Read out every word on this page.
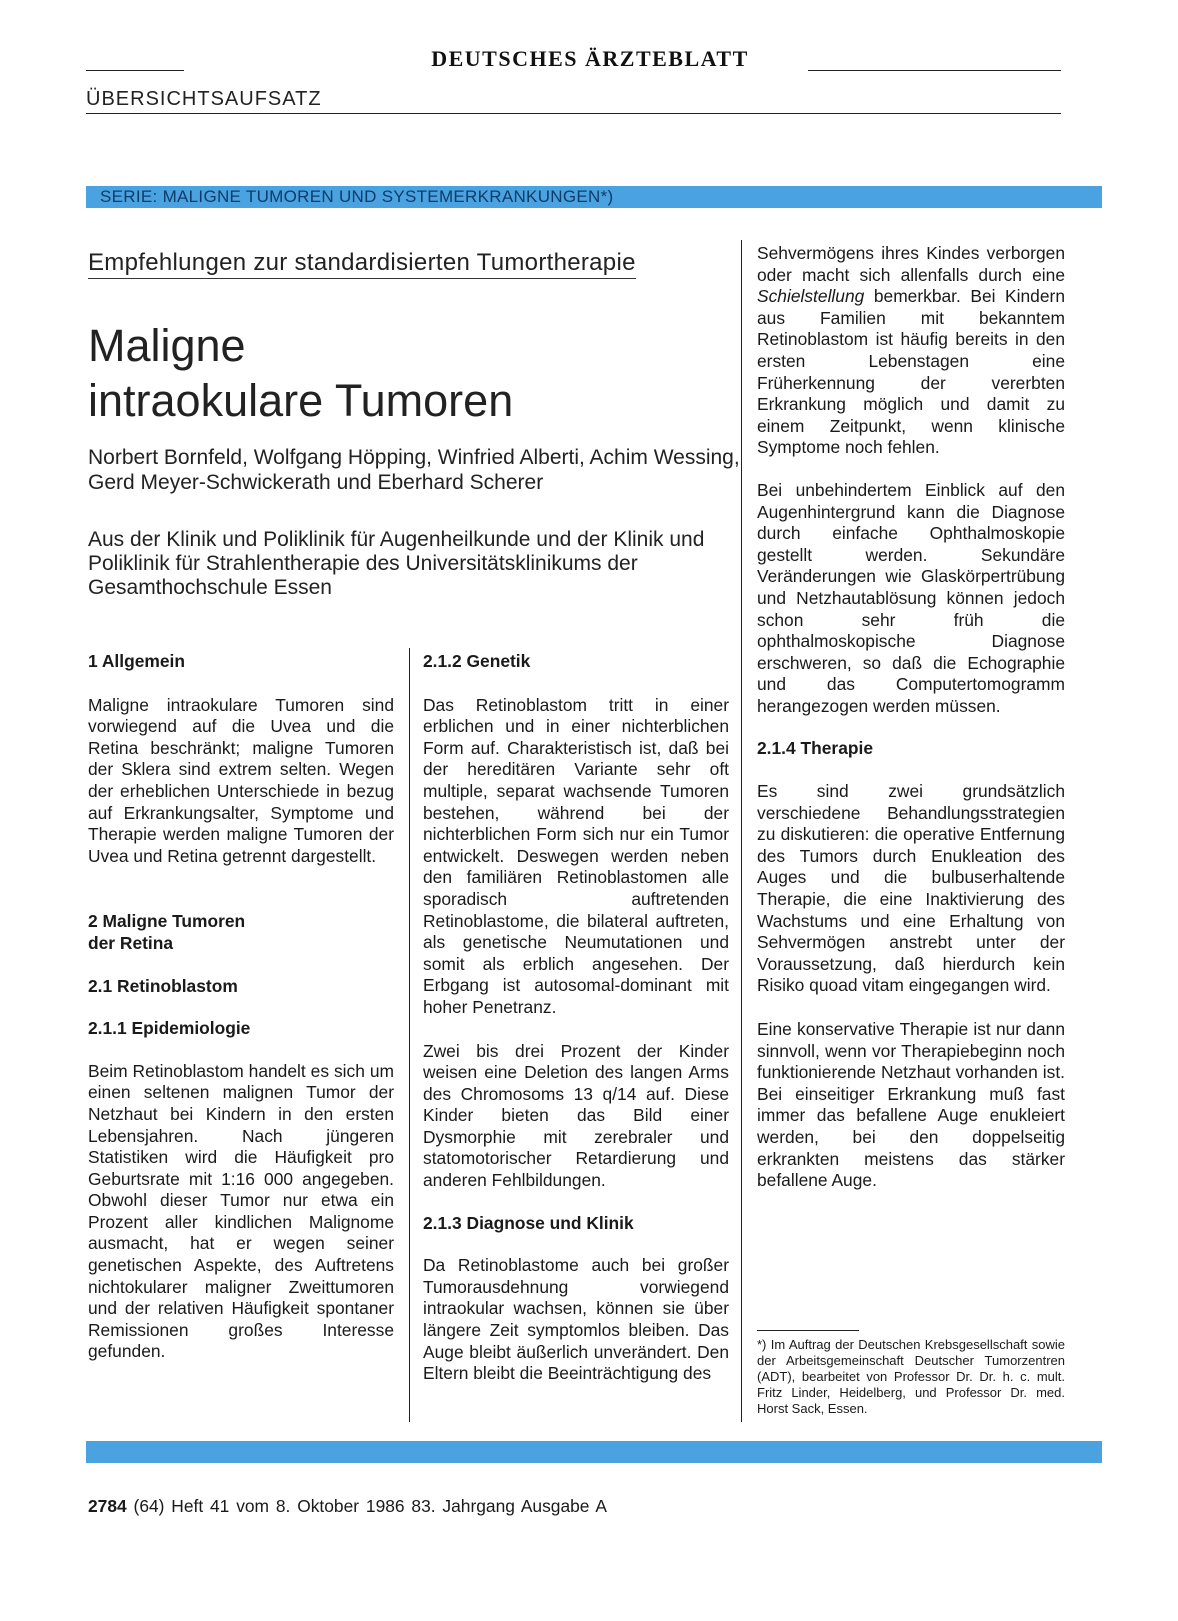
DEUTSCHES ÄRZTEBLATT
ÜBERSICHTSAUFSATZ
SERIE: MALIGNE TUMOREN UND SYSTEMERKRANKUNGEN*)
Empfehlungen zur standardisierten Tumortherapie
Maligne
intraokulare Tumoren
Norbert Bornfeld, Wolfgang Höpping, Winfried Alberti, Achim Wessing, Gerd Meyer-Schwickerath und Eberhard Scherer
Aus der Klinik und Poliklinik für Augenheilkunde und der Klinik und Poliklinik für Strahlentherapie des Universitätsklinikums der Gesamthochschule Essen
1 Allgemein

Maligne intraokulare Tumoren sind vorwiegend auf die Uvea und die Retina beschränkt; maligne Tumoren der Sklera sind extrem selten. Wegen der erheblichen Unterschiede in bezug auf Erkrankungsalter, Symptome und Therapie werden maligne Tumoren der Uvea und Retina getrennt dargestellt.

2 Maligne Tumoren
der Retina
2.1 Retinoblastom
2.1.1 Epidemiologie

Beim Retinoblastom handelt es sich um einen seltenen malignen Tumor der Netzhaut bei Kindern in den ersten Lebensjahren. Nach jüngeren Statistiken wird die Häufigkeit pro Geburtsrate mit 1:16 000 angegeben. Obwohl dieser Tumor nur etwa ein Prozent aller kindlichen Malignome ausmacht, hat er wegen seiner genetischen Aspekte, des Auftretens nichtokularer maligner Zweittumoren und der relativen Häufigkeit spontaner Remissionen großes Interesse gefunden.

2.1.2 Genetik

Das Retinoblastom tritt in einer erblichen und in einer nichterblichen Form auf. Charakteristisch ist, daß bei der hereditären Variante sehr oft multiple, separat wachsende Tumoren bestehen, während bei der nichterblichen Form sich nur ein Tumor entwickelt. Deswegen werden neben den familiären Retinoblastomen alle sporadisch auftretenden Retinoblastome, die bilateral auftreten, als genetische Neumutationen und somit als erblich angesehen. Der Erbgang ist autosomal-dominant mit hoher Penetranz.

Zwei bis drei Prozent der Kinder weisen eine Deletion des langen Arms des Chromosoms 13 q/14 auf. Diese Kinder bieten das Bild einer Dysmorphie mit zerebraler und statomotorischer Retardierung und anderen Fehlbildungen.

2.1.3 Diagnose und Klinik

Da Retinoblastome auch bei großer Tumorausdehnung vorwiegend intraokular wachsen, können sie über längere Zeit symptomlos bleiben. Das Auge bleibt äußerlich unverändert. Den Eltern bleibt die Beeinträchtigung des

Sehvermögens ihres Kindes verborgen oder macht sich allenfalls durch eine Schielstellung bemerkbar. Bei Kindern aus Familien mit bekanntem Retinoblastom ist häufig bereits in den ersten Lebenstagen eine Früherkennung der vererbten Erkrankung möglich und damit zu einem Zeitpunkt, wenn klinische Symptome noch fehlen.

Bei unbehindertem Einblick auf den Augenhintergrund kann die Diagnose durch einfache Ophthalmoskopie gestellt werden. Sekundäre Veränderungen wie Glaskörpertrübung und Netzhautablösung können jedoch schon sehr früh die ophthalmoskopische Diagnose erschweren, so daß die Echographie und das Computertomogramm herangezogen werden müssen.

2.1.4 Therapie

Es sind zwei grundsätzlich verschiedene Behandlungsstrategien zu diskutieren: die operative Entfernung des Tumors durch Enukleation des Auges und die bulbuserhaltende Therapie, die eine Inaktivierung des Wachstums und eine Erhaltung von Sehvermögen anstrebt unter der Voraussetzung, daß hierdurch kein Risiko quoad vitam eingegangen wird.

Eine konservative Therapie ist nur dann sinnvoll, wenn vor Therapiebeginn noch funktionierende Netzhaut vorhanden ist. Bei einseitiger Erkrankung muß fast immer das befallene Auge enukleiert werden, bei den doppelseitig erkrankten meistens das stärker befallene Auge.

*) Im Auftrag der Deutschen Krebsgesellschaft sowie der Arbeitsgemeinschaft Deutscher Tumorzentren (ADT), bearbeitet von Professor Dr. Dr. h. c. mult. Fritz Linder, Heidelberg, und Professor Dr. med. Horst Sack, Essen.
2784 (64) Heft 41 vom 8. Oktober 1986 83. Jahrgang Ausgabe A
